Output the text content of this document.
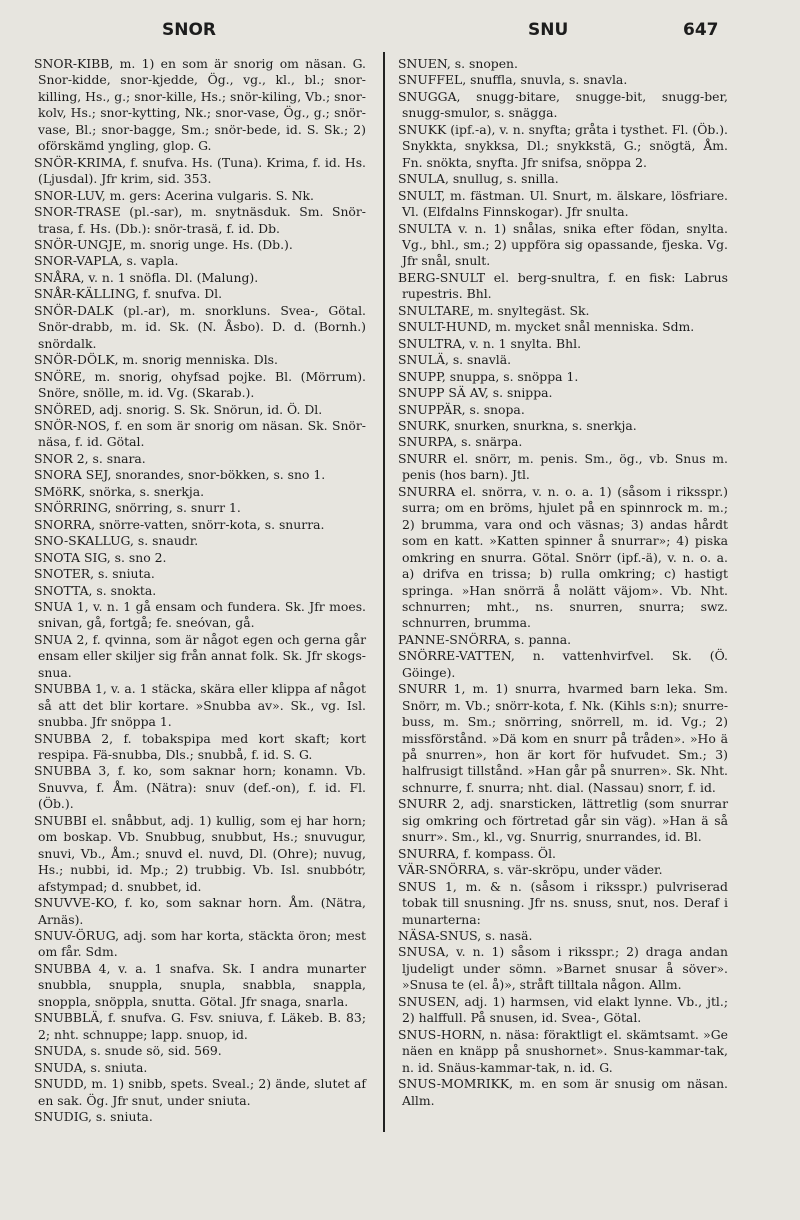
SNOR	SNU	647

SNOR-KIBB, m. 1) en som är snorig om näsan. G. Snor-kidde, snor-kjedde, Ög., vg., kl., bl.; snor-killing, Hs., g.; snor-kille, Hs.; snör-kiling, Vb.; snor-kolv, Hs.; snor-kytting, Nk.; snor-vase, Ög., g.; snör-vase, Bl.; snor-bagge, Sm.; snör-bede, id. S. Sk.; 2) oförskämd yngling, glop. G.

SNÖR-KRIMA, f. snufva. Hs. (Tuna). Krima, f. id. Hs. (Ljusdal). Jfr krim, sid. 353.

SNOR-LUV, m. gers: Acerina vulgaris. S. Nk.

SNOR-TRASE (pl.-sar), m. snytnäsduk. Sm. Snör-trasa, f. Hs. (Db.): snör-trasä, f. id. Db.

SNÖR-UNGJE, m. snorig unge. Hs. (Db.).

SNOR-VAPLA, s. vapla.

SNÅRA, v. n. 1 snöfla. Dl. (Malung).

SNÅR-KÄLLING, f. snufva. Dl.

SNÖR-DALK (pl.-ar), m. snorkluns. Svea-, Götal. Snör-drabb, m. id. Sk. (N. Åsbo). D. d. (Bornh.) snördalk.

SNÖR-DÖLK, m. snorig menniska. Dls.

SNÖRE, m. snorig, ohyfsad pojke. Bl. (Mörrum). Snöre, snölle, m. id. Vg. (Skarab.).

SNÖRED, adj. snorig. S. Sk. Snörun, id. Ö. Dl.

SNÖR-NOS, f. en som är snorig om näsan. Sk. Snör-näsa, f. id. Götal.

SNOR 2, s. snara.

SNORA SEJ, snorandes, snor-bökken, s. sno 1.

SMöRK, snörka, s. snerkja.

SNÖRRING, snörring, s. snurr 1.

SNORRA, snörre-vatten, snörr-kota, s. snurra.

SNO-SKALLUG, s. snaudr.

SNOTA SIG, s. sno 2.

SNOTER, s. sniuta.

SNOTTA, s. snokta.

SNUA 1, v. n. 1 gå ensam och fundera. Sk. Jfr moes. snivan, gå, fortgå; fe. sneóvan, gå.

SNUA 2, f. qvinna, som är något egen och gerna går ensam eller skiljer sig från annat folk. Sk. Jfr skogs-snua.

SNUBBA 1, v. a. 1 stäcka, skära eller klippa af något så att det blir kortare. »Snubba av». Sk., vg. Isl. snubba. Jfr snöppa 1.

SNUBBA 2, f. tobakspipa med kort skaft; kort respipa. Fä-snubba, Dls.; snubbå, f. id. S. G.

SNUBBA 3, f. ko, som saknar horn; konamn. Vb. Snuvva, f. Åm. (Nätra): snuv (def.-on), f. id. Fl. (Öb.).

SNUBBI el. snåbbut, adj. 1) kullig, som ej har horn; om boskap. Vb. Snubbug, snubbut, Hs.; snuvugur, snuvi, Vb., Åm.; snuvd el. nuvd, Dl. (Ohre); nuvug, Hs.; nubbi, id. Mp.; 2) trubbig. Vb. Isl. snubbótr, afstympad; d. snubbet, id.

SNUVVE-KO, f. ko, som saknar horn. Åm. (Nätra, Arnäs).

SNUV-ÖRUG, adj. som har korta, stäckta öron; mest om får. Sdm.

SNUBBA 4, v. a. 1 snafva. Sk. I andra munarter snubbla, snuppla, snupla, snabbla, snappla, snoppla, snöppla, snutta. Götal. Jfr snaga, snarla.

SNUBBLÄ, f. snufva. G. Fsv. sniuva, f. Läkeb. B. 83; 2; nht. schnuppe; lapp. snuop, id.

SNUDA, s. snude sö, sid. 569.

SNUDA, s. sniuta.

SNUDD, m. 1) snibb, spets. Sveal.; 2) ände, slutet af en sak. Ög. Jfr snut, under sniuta.

SNUDIG, s. sniuta.

SNUEN, s. snopen.

SNUFFEL, snuffla, snuvla, s. snavla.

SNUGGA, snugg-bitare, snugge-bit, snugg-ber, snugg-smulor, s. snägga.

SNUKK (ipf.-a), v. n. snyfta; gråta i tysthet. Fl. (Öb.). Snykkta, snykksa, Dl.; snykkstä, G.; snögtä, Åm. Fn. snökta, snyfta. Jfr snifsa, snöppa 2.

SNULA, snullug, s. snilla.

SNULT, m. fästman. Ul. Snurt, m. älskare, lösfriare. Vl. (Elfdalns Finnskogar). Jfr snulta.

SNULTA v. n. 1) snålas, snika efter födan, snylta. Vg., bhl., sm.; 2) uppföra sig opassande, fjeska. Vg. Jfr snål, snult.

BERG-SNULT el. berg-snultra, f. en fisk: Labrus rupestris. Bhl.

SNULTARE, m. snyltegäst. Sk.

SNULT-HUND, m. mycket snål menniska. Sdm.

SNULTRA, v. n. 1 snylta. Bhl.

SNULÄ, s. snavlä.

SNUPP, snuppa, s. snöppa 1.

SNUPP SÄ AV, s. snippa.

SNUPPÄR, s. snopa.

SNURK, snurken, snurkna, s. snerkja.

SNURPA, s. snärpa.

SNURR el. snörr, m. penis. Sm., ög., vb. Snus m. penis (hos barn). Jtl.

SNURRA el. snörra, v. n. o. a. 1) (såsom i riksspr.) surra; om en bröms, hjulet på en spinnrock m. m.; 2) brumma, vara ond och väsnas; 3) andas hårdt som en katt. »Katten spinner å snurrar»; 4) piska omkring en snurra. Götal. Snörr (ipf.-ä), v. n. o. a. a) drifva en trissa; b) rulla omkring; c) hastigt springa. »Han snörrä å nolätt väjom». Vb. Nht. schnurren; mht., ns. snurren, snurra; swz. schnurren, brumma.

PANNE-SNÖRRA, s. panna.

SNÖRRE-VATTEN, n. vattenhvirfvel. Sk. (Ö. Göinge).

SNURR 1, m. 1) snurra, hvarmed barn leka. Sm. Snörr, m. Vb.; snörr-kota, f. Nk. (Kihls s:n); snurre-buss, m. Sm.; snörring, snörrell, m. id. Vg.; 2) missförstånd. »Dä kom en snurr på tråden». »Ho ä på snurren», hon är kort för hufvudet. Sm.; 3) halfrusigt tillstånd. »Han går på snurren». Sk. Nht. schnurre, f. snurra; nht. dial. (Nassau) snorr, f. id.

SNURR 2, adj. snarsticken, lättretlig (som snurrar sig omkring och förtretad går sin väg). »Han ä så snurr». Sm., kl., vg. Snurrig, snurrandes, id. Bl.

SNURRA, f. kompass. Öl.

VÄR-SNÖRRA, s. vär-skröpu, under väder.

SNUS 1, m. & n. (såsom i riksspr.) pulvriserad tobak till snusning. Jfr ns. snuss, snut, nos. Deraf i munarterna:

NÄSA-SNUS, s. nasä.

SNUSA, v. n. 1) såsom i riksspr.; 2) draga andan ljudeligt under sömn. »Barnet snusar å söver». »Snusa te (el. å)», stråft tilltala någon. Allm.

SNUSEN, adj. 1) harmsen, vid elakt lynne. Vb., jtl.; 2) halffull. På snusen, id. Svea-, Götal.

SNUS-HORN, n. näsa: föraktligt el. skämtsamt. »Ge näen en knäpp på snushornet». Snus-kammar-tak, n. id. Snäus-kammar-tak, n. id. G.

SNUS-MOMRIKK, m. en som är snusig om näsan. Allm.
